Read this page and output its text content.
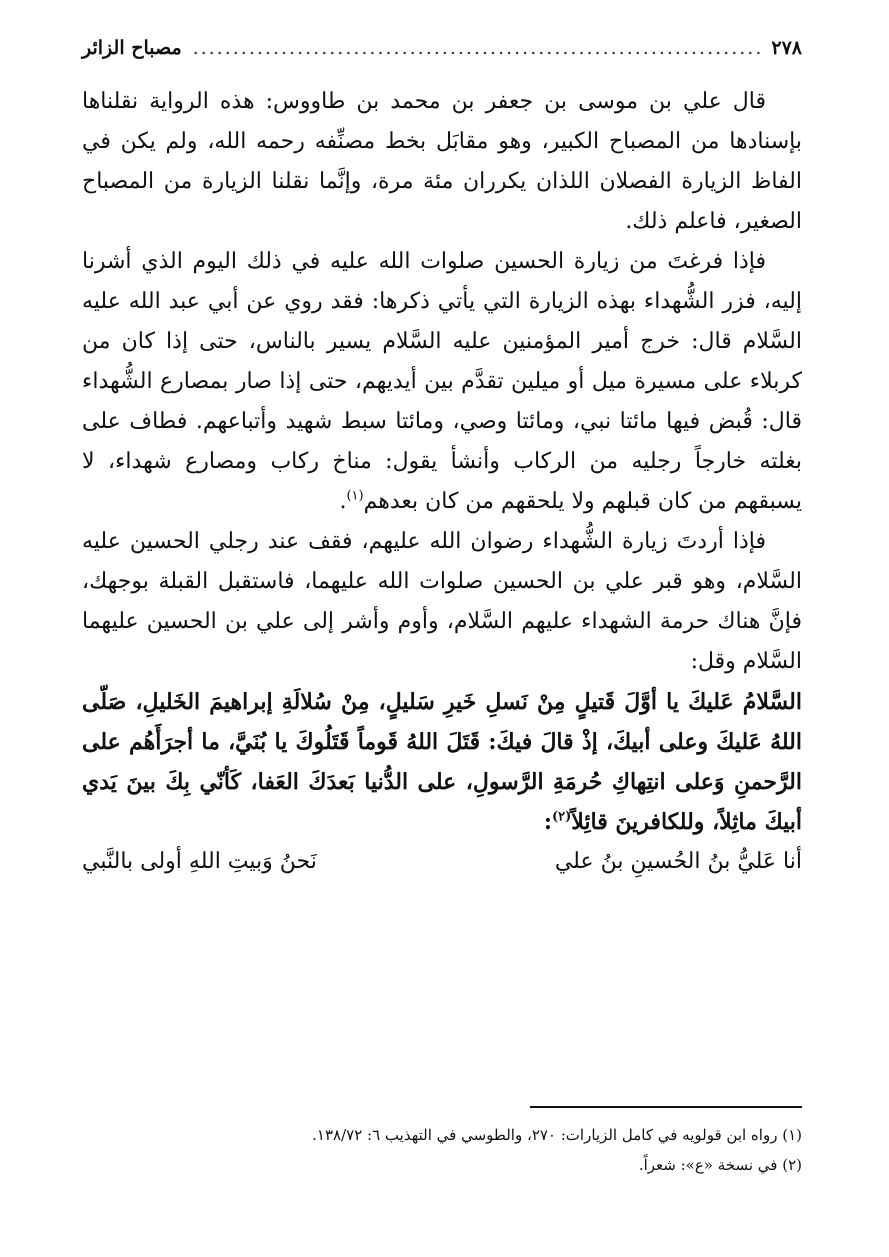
٢٧٨
.......................................................................
مصباح الزائر

قال علي بن موسى بن جعفر بن محمد بن طاووس: هذه الرواية نقلناها بإسنادها من المصباح الكبير، وهو مقابَل بخط مصنِّفه رحمه الله، ولم يكن في الفاظ الزيارة الفصلان اللذان يكرران مئة مرة، وإنَّما نقلنا الزيارة من المصباح الصغير، فاعلم ذلك.

فإذا فرغتَ من زيارة الحسين صلوات الله عليه في ذلك اليوم الذي أشرنا إليه، فزر الشُّهداء بهذه الزيارة التي يأتي ذكرها: فقد روي عن أبي عبد الله عليه السَّلام قال: خرج أمير المؤمنين عليه السَّلام يسير بالناس، حتى إذا كان من كربلاء على مسيرة ميل أو ميلين تقدَّم بين أيديهم، حتى إذا صار بمصارع الشُّهداء قال: قُبض فيها مائتا نبي، ومائتا وصي، ومائتا سبط شهيد وأتباعهم. فطاف على بغلته خارجاً رجليه من الركاب وأنشأ يقول: مناخ ركاب ومصارع شهداء، لا يسبقهم من كان قبلهم ولا يلحقهم من كان بعدهم$^{(١)}$.

فإذا أردتَ زيارة الشُّهداء رضوان الله عليهم، فقف عند رجلي الحسين عليه السَّلام، وهو قبر علي بن الحسين صلوات الله عليهما، فاستقبل القبلة بوجهك، فإنَّ هناك حرمة الشهداء عليهم السَّلام، وأوم وأشر إلى علي بن الحسين عليهما السَّلام وقل:

السَّلامُ عَليكَ يا أوَّلَ قَتيلٍ مِنْ نَسلِ خَيرِ سَليلٍ، مِنْ سُلالَةِ إبراهيمَ الخَليلِ، صَلّى اللهُ عَليكَ وعلى أبيكَ، إذْ قالَ فيكَ: قَتَلَ اللهُ قَوماً قَتَلُوكَ يا بُنَيَّ، ما أجرَأَهُم على الرَّحمنِ وَعلى انتِهاكِ حُرمَةِ الرَّسولِ، على الدُّنيا بَعدَكَ العَفا، كَأنّي بِكَ بينَ يَدي أبيكَ ماثِلاً، وللكافرينَ قائِلاً$^{(٢)}$:

أنا عَليُّ بنُ الحُسينِ بنُ علي
نَحنُ وَبيتِ اللهِ أولى بالنَّبي
(١) رواه ابن قولويه في كامل الزيارات: ٢٧٠، والطوسي في التهذيب ٦: ١٣٨/٧٢.
(٢) في نسخة «ع»: شعراً.
